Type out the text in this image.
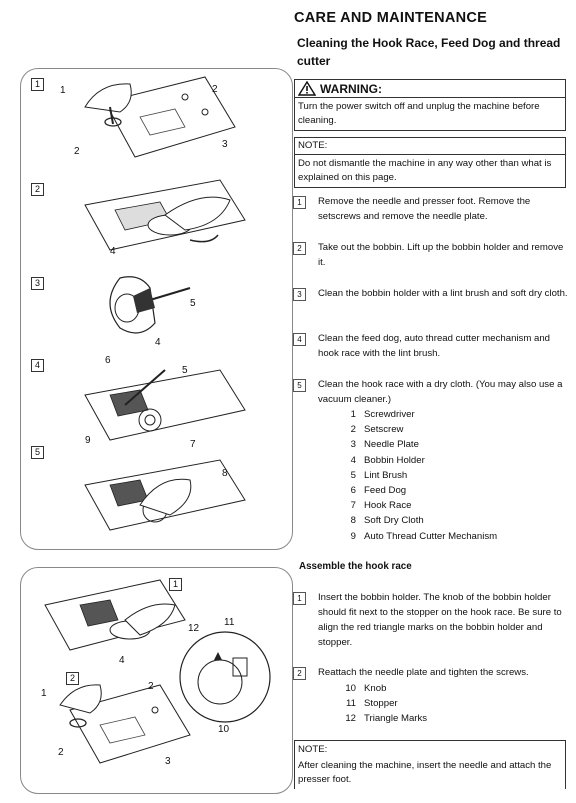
CARE AND MAINTENANCE
Cleaning the Hook Race, Feed Dog and thread cutter
WARNING:
Turn the power switch off and unplug the machine before cleaning.
NOTE:
Do not dismantle the machine in any way other than what is explained on this page.
1	Remove the needle and presser foot. Remove the setscrews and remove the needle plate.
2	Take out the bobbin. Lift up the bobbin holder and remove it.
3	Clean the bobbin holder with a lint brush and soft dry cloth.
4	Clean the feed dog, auto thread cutter mechanism and hook race with the lint brush.
5	Clean the hook race with a dry cloth. (You may also use a vacuum cleaner.)
1 Screwdriver
2 Setscrew
3 Needle Plate
4 Bobbin Holder
5 Lint Brush
6 Feed Dog
7 Hook Race
8 Soft Dry Cloth
9 Auto Thread Cutter Mechanism
Assemble the hook race
1	Insert the bobbin holder. The knob of the bobbin holder should fit next to the stopper on the hook race. Be sure to align the red triangle marks on the bobbin holder and stopper.
2	Reattach the needle plate and tighten the screws.
10 Knob
11 Stopper
12 Triangle Marks
NOTE:
After cleaning the machine, insert the needle and attach the presser foot.
1
1	2
2
3
2
4
3
5
4
4	6
5
9	7
5
8
1
12
11
4
10
2
1
2
2
3
